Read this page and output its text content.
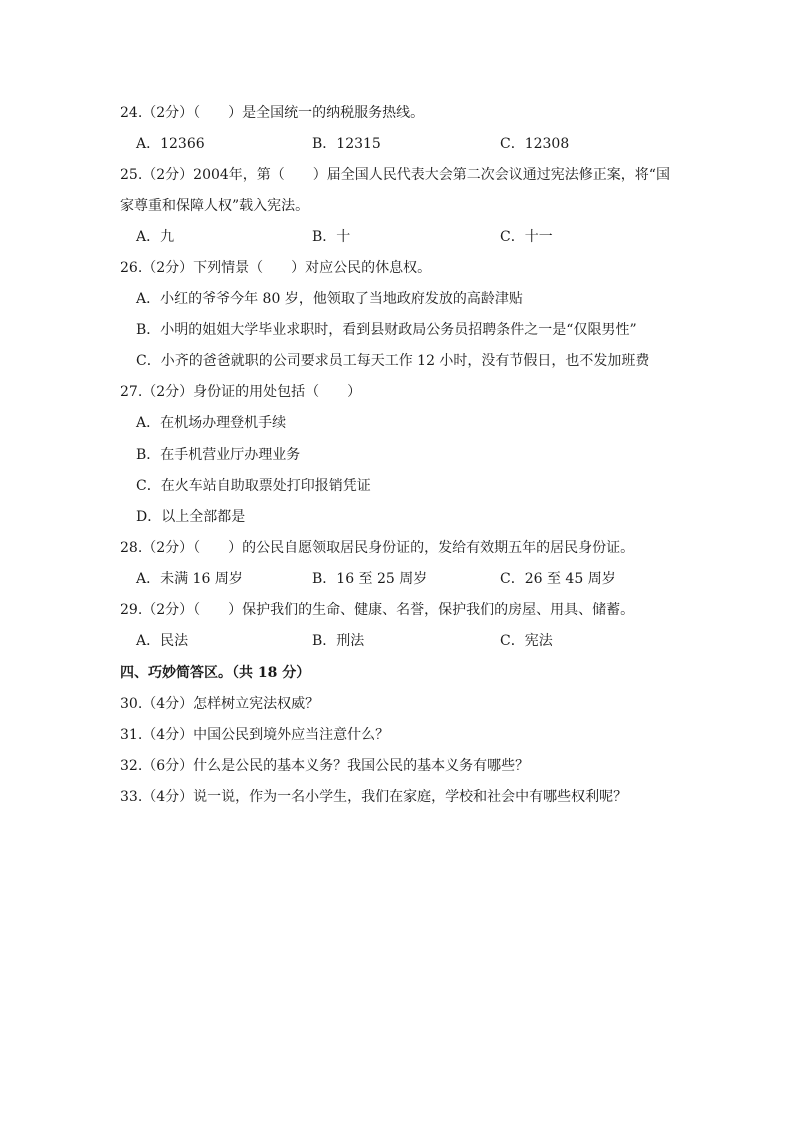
24.（2分）（　　）是全国统一的纳税服务热线。
A．12366	B．12315	C．12308
25.（2分）2004年，第（　　）届全国人民代表大会第二次会议通过宪法修正案，将“国
家尊重和保障人权”载入宪法。
A．九	B．十	C．十一
26.（2分）下列情景（　　）对应公民的休息权。
A．小红的爷爷今年 80 岁，他领取了当地政府发放的高龄津贴
B．小明的姐姐大学毕业求职时，看到县财政局公务员招聘条件之一是“仅限男性”
C．小齐的爸爸就职的公司要求员工每天工作 12 小时，没有节假日，也不发加班费
27.（2分）身份证的用处包括（　　）
A．在机场办理登机手续
B．在手机营业厅办理业务
C．在火车站自助取票处打印报销凭证
D．以上全部都是
28.（2分）（　　）的公民自愿领取居民身份证的，发给有效期五年的居民身份证。
A．未满 16 周岁	B．16 至 25 周岁	C．26 至 45 周岁
29.（2分）（　　）保护我们的生命、健康、名誉，保护我们的房屋、用具、储蓄。
A．民法	B．刑法	C．宪法
四、巧妙简答区。（共 18 分）
30.（4分）怎样树立宪法权威？
31.（4分）中国公民到境外应当注意什么？
32.（6分）什么是公民的基本义务？我国公民的基本义务有哪些？
33.（4分）说一说，作为一名小学生，我们在家庭，学校和社会中有哪些权利呢？
